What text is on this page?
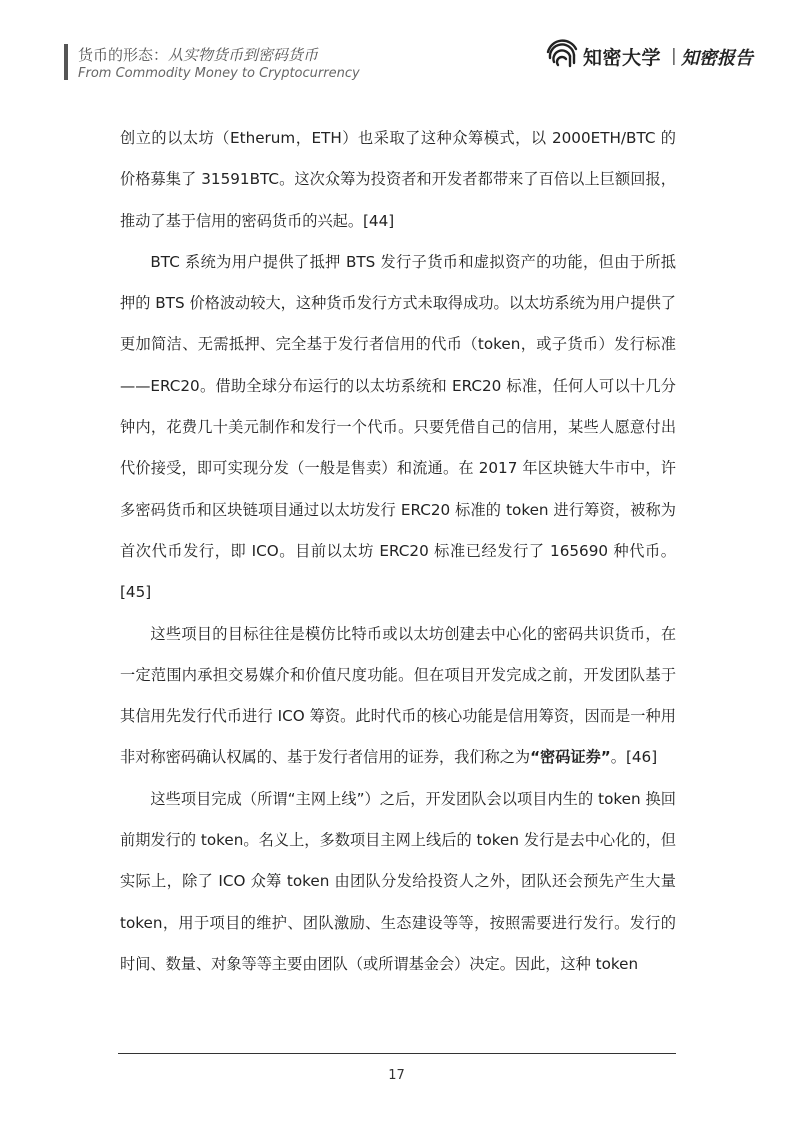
货币的形态：从实物货币到密码货币
From Commodity Money to Cryptocurrency
知密大学 | 知密报告

创立的以太坊（Etherum，ETH）也采取了这种众筹模式，以 2000ETH/BTC 的价格募集了 31591BTC。这次众筹为投资者和开发者都带来了百倍以上巨额回报，推动了基于信用的密码货币的兴起。[44]

BTC 系统为用户提供了抵押 BTS 发行子货币和虚拟资产的功能，但由于所抵押的 BTS 价格波动较大，这种货币发行方式未取得成功。以太坊系统为用户提供了更加简洁、无需抵押、完全基于发行者信用的代币（token，或子货币）发行标准——ERC20。借助全球分布运行的以太坊系统和 ERC20 标准，任何人可以十几分钟内，花费几十美元制作和发行一个代币。只要凭借自己的信用，某些人愿意付出代价接受，即可实现分发（一般是售卖）和流通。在 2017 年区块链大牛市中，许多密码货币和区块链项目通过以太坊发行 ERC20 标准的 token 进行筹资，被称为首次代币发行，即 ICO。目前以太坊 ERC20 标准已经发行了 165690 种代币。[45]

这些项目的目标往往是模仿比特币或以太坊创建去中心化的密码共识货币，在一定范围内承担交易媒介和价值尺度功能。但在项目开发完成之前，开发团队基于其信用先发行代币进行 ICO 筹资。此时代币的核心功能是信用筹资，因而是一种用非对称密码确认权属的、基于发行者信用的证券，我们称之为“密码证券”。[46]

这些项目完成（所谓“主网上线”）之后，开发团队会以项目内生的 token 换回前期发行的 token。名义上，多数项目主网上线后的 token 发行是去中心化的，但实际上，除了 ICO 众筹 token 由团队分发给投资人之外，团队还会预先产生大量 token，用于项目的维护、团队激励、生态建设等等，按照需要进行发行。发行的时间、数量、对象等等主要由团队（或所谓基金会）决定。因此，这种 token

17
